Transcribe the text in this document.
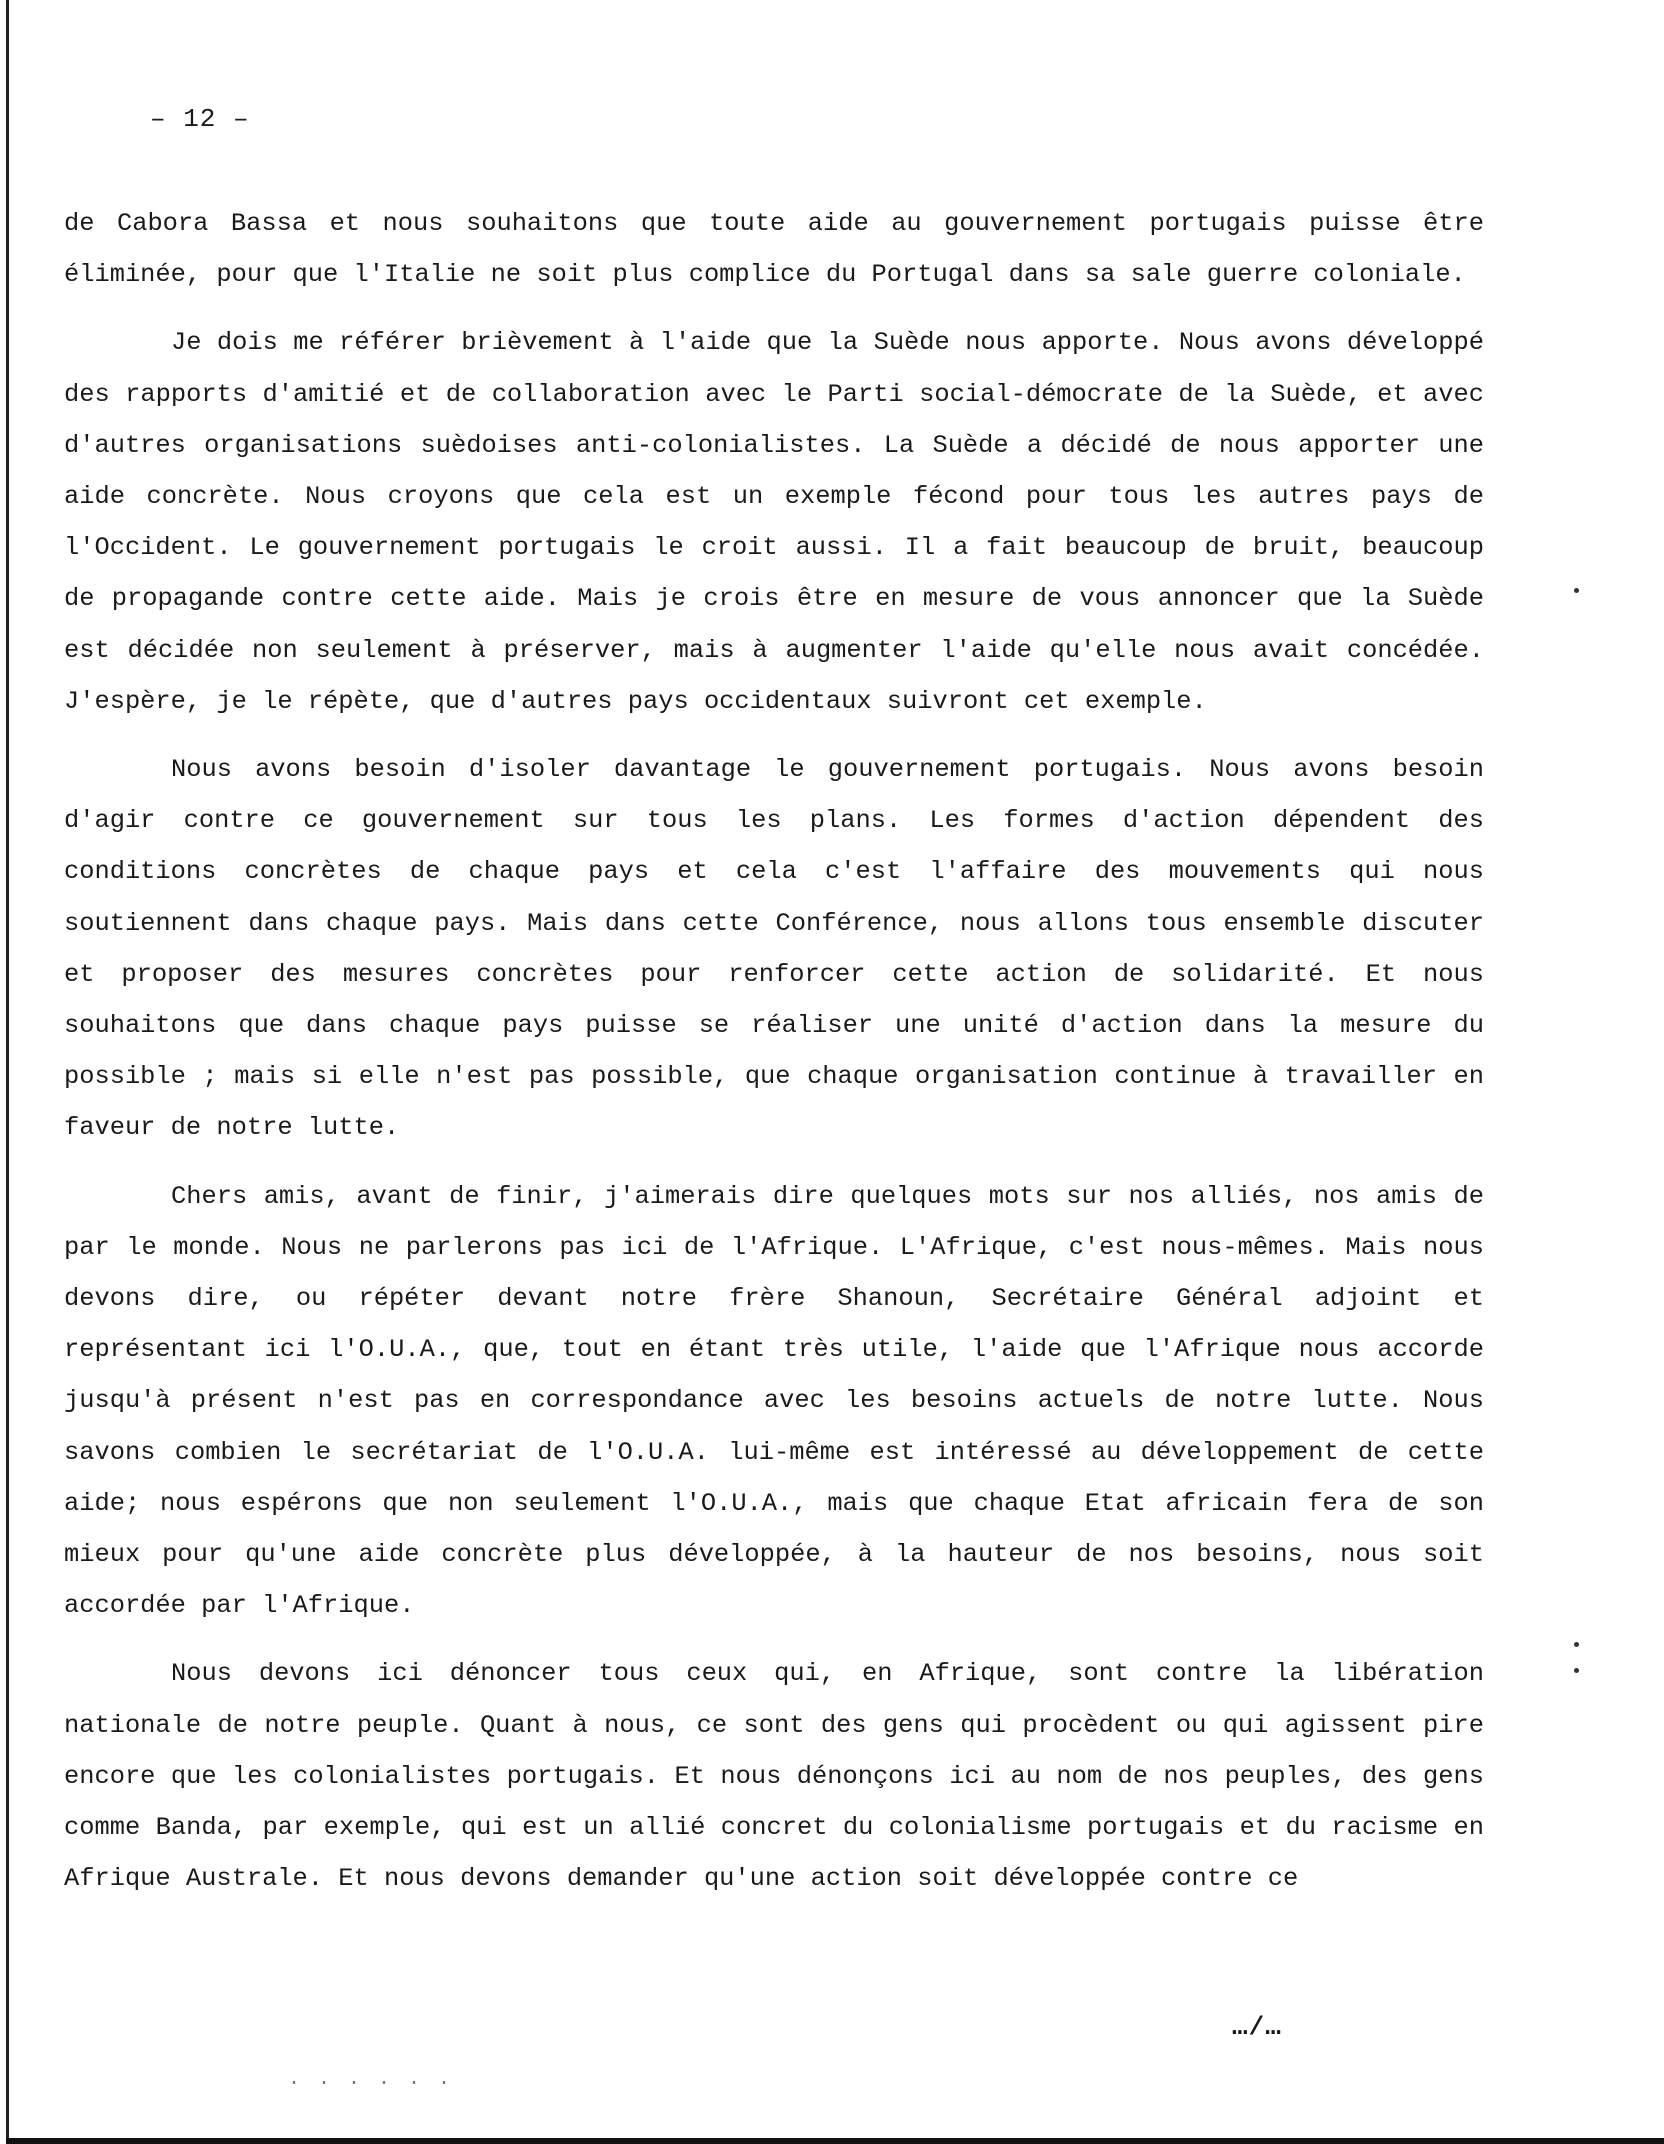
– 12 –

de Cabora Bassa et nous souhaitons que toute aide au gouvernement portugais puisse être éliminée, pour que l'Italie ne soit plus complice du Portugal dans sa sale guerre coloniale.

Je dois me référer brièvement à l'aide que la Suède nous apporte. Nous avons développé des rapports d'amitié et de collaboration avec le Parti social-démocrate de la Suède, et avec d'autres organisations suèdoises anti-colonialistes. La Suède a décidé de nous apporter une aide concrète. Nous croyons que cela est un exemple fécond pour tous les autres pays de l'Occident. Le gouvernement portugais le croit aussi. Il a fait beaucoup de bruit, beaucoup de propagande contre cette aide. Mais je crois être en mesure de vous annoncer que la Suède est décidée non seulement à préserver, mais à augmenter l'aide qu'elle nous avait concédée. J'espère, je le répète, que d'autres pays occidentaux suivront cet exemple.

Nous avons besoin d'isoler davantage le gouvernement portugais. Nous avons besoin d'agir contre ce gouvernement sur tous les plans. Les formes d'action dépendent des conditions concrètes de chaque pays et cela c'est l'affaire des mouvements qui nous soutiennent dans chaque pays. Mais dans cette Conférence, nous allons tous ensemble discuter et proposer des mesures concrètes pour renforcer cette action de solidarité. Et nous souhaitons que dans chaque pays puisse se réaliser une unité d'action dans la mesure du possible ; mais si elle n'est pas possible, que chaque organisation continue à travailler en faveur de notre lutte.

Chers amis, avant de finir, j'aimerais dire quelques mots sur nos alliés, nos amis de par le monde. Nous ne parlerons pas ici de l'Afrique. L'Afrique, c'est nous-mêmes. Mais nous devons dire, ou répéter devant notre frère Shanoun, Secrétaire Général adjoint et représentant ici l'O.U.A., que, tout en étant très utile, l'aide que l'Afrique nous accorde jusqu'à présent n'est pas en correspondance avec les besoins actuels de notre lutte. Nous savons combien le secrétariat de l'O.U.A. lui-même est intéressé au développement de cette aide; nous espérons que non seulement l'O.U.A., mais que chaque Etat africain fera de son mieux pour qu'une aide concrète plus développée, à la hauteur de nos besoins, nous soit accordée par l'Afrique.

Nous devons ici dénoncer tous ceux qui, en Afrique, sont contre la libération nationale de notre peuple. Quant à nous, ce sont des gens qui procèdent ou qui agissent pire encore que les colonialistes portugais. Et nous dénonçons ici au nom de nos peuples, des gens comme Banda, par exemple, qui est un allié concret du colonialisme portugais et du racisme en Afrique Australe. Et nous devons demander qu'une action soit développée contre ce

…/…
. . . . . .
